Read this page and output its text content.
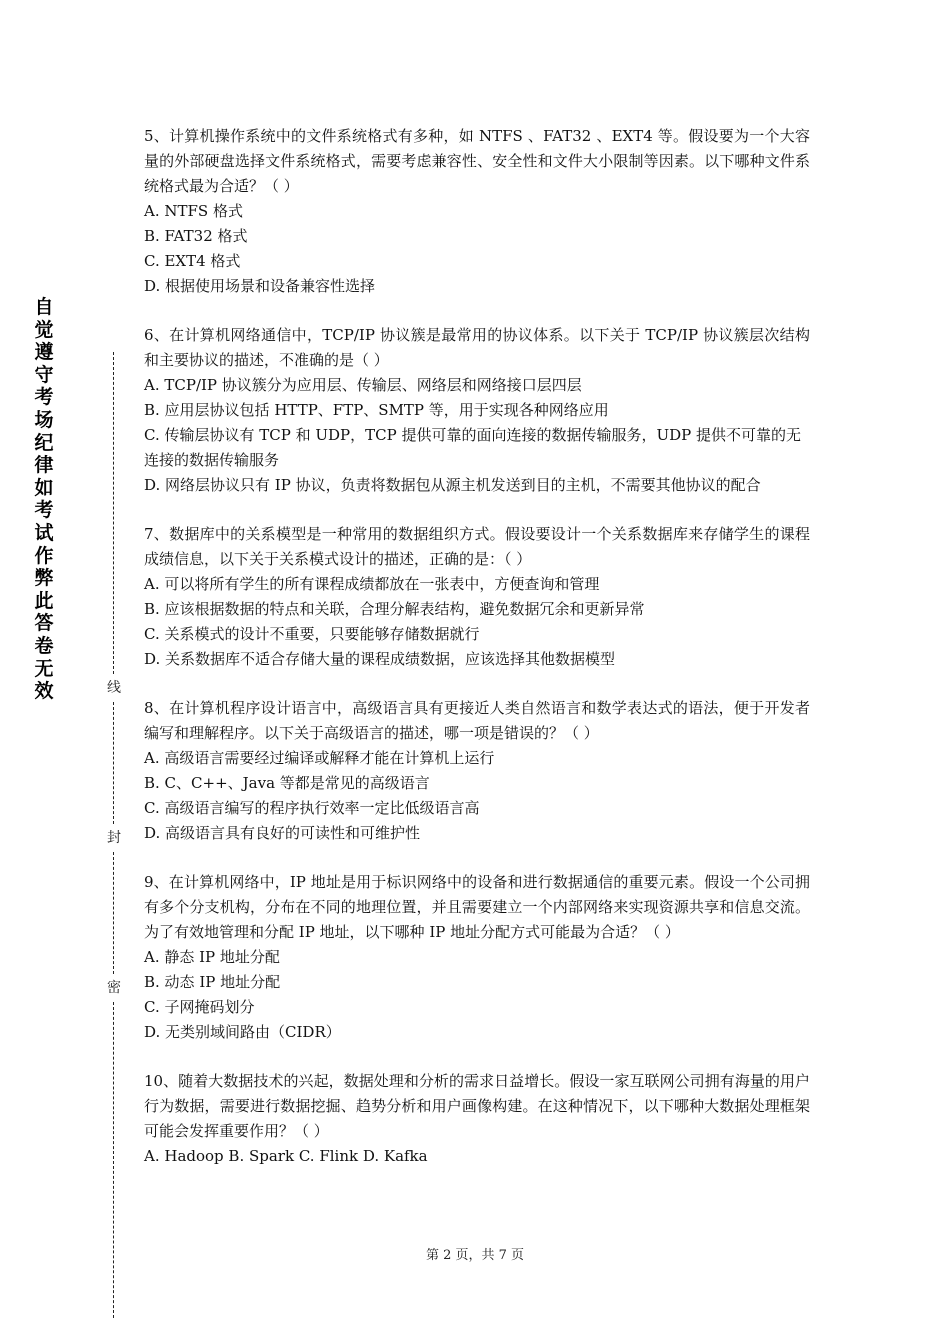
自
觉
遵
守
考
场
纪
律
如
考
试
作
弊
此
答
卷
无
效	线
封
密
5、计算机操作系统中的文件系统格式有多种，如 NTFS 、FAT32 、EXT4 等。假设要为一个大容量的外部硬盘选择文件系统格式，需要考虑兼容性、安全性和文件大小限制等因素。以下哪种文件系统格式最为合适？（ ）
A. NTFS 格式
B. FAT32 格式
C. EXT4 格式
D. 根据使用场景和设备兼容性选择
6、在计算机网络通信中，TCP/IP 协议簇是最常用的协议体系。以下关于 TCP/IP 协议簇层次结构和主要协议的描述，不准确的是（ ）
A. TCP/IP 协议簇分为应用层、传输层、网络层和网络接口层四层
B. 应用层协议包括 HTTP、FTP、SMTP 等，用于实现各种网络应用
C. 传输层协议有 TCP 和 UDP，TCP 提供可靠的面向连接的数据传输服务，UDP 提供不可靠的无连接的数据传输服务
D. 网络层协议只有 IP 协议，负责将数据包从源主机发送到目的主机，不需要其他协议的配合
7、数据库中的关系模型是一种常用的数据组织方式。假设要设计一个关系数据库来存储学生的课程成绩信息，以下关于关系模式设计的描述，正确的是：（ ）
A. 可以将所有学生的所有课程成绩都放在一张表中，方便查询和管理
B. 应该根据数据的特点和关联，合理分解表结构，避免数据冗余和更新异常
C. 关系模式的设计不重要，只要能够存储数据就行
D. 关系数据库不适合存储大量的课程成绩数据，应该选择其他数据模型
8、在计算机程序设计语言中，高级语言具有更接近人类自然语言和数学表达式的语法，便于开发者编写和理解程序。以下关于高级语言的描述，哪一项是错误的？（ ）
A. 高级语言需要经过编译或解释才能在计算机上运行
B. C、C++、Java 等都是常见的高级语言
C. 高级语言编写的程序执行效率一定比低级语言高
D. 高级语言具有良好的可读性和可维护性
9、在计算机网络中，IP 地址是用于标识网络中的设备和进行数据通信的重要元素。假设一个公司拥有多个分支机构，分布在不同的地理位置，并且需要建立一个内部网络来实现资源共享和信息交流。为了有效地管理和分配 IP 地址，以下哪种 IP 地址分配方式可能最为合适？（ ）
A. 静态 IP 地址分配
B. 动态 IP 地址分配
C. 子网掩码划分
D. 无类别域间路由（CIDR）
10、随着大数据技术的兴起，数据处理和分析的需求日益增长。假设一家互联网公司拥有海量的用户行为数据，需要进行数据挖掘、趋势分析和用户画像构建。在这种情况下，以下哪种大数据处理框架可能会发挥重要作用？（ ）
A. Hadoop B. Spark C. Flink D. Kafka
第 2 页，共 7 页
